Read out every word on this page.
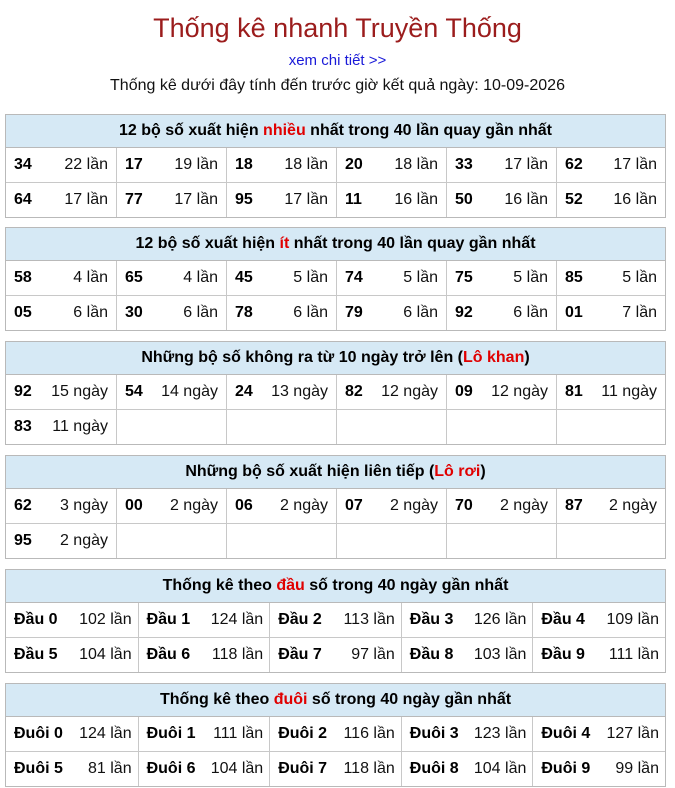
Thống kê nhanh Truyền Thống
xem chi tiết >>
Thống kê dưới đây tính đến trước giờ kết quả ngày: 10-09-2026
12 bộ số xuất hiện nhiều nhất trong 40 lần quay gần nhất
34 22 lần 17 19 lần 18 18 lần 20 18 lần 33 17 lần 62 17 lần
64 17 lần 77 17 lần 95 17 lần 11 16 lần 50 16 lần 52 16 lần
12 bộ số xuất hiện ít nhất trong 40 lần quay gần nhất
58	4 lần 65	4 lần 45	5 lần 74	5 lần 75	5 lần 85 5 lần
05	6 lần 30	6 lần 78	6 lần 79	6 lần 92	6 lần 01 7 lần
Những bộ số không ra từ 10 ngày trở lên (Lô khan)
92 15 ngày 54 14 ngày 24 13 ngày 82 12 ngày 09 12 ngày 81 11 ngày
83 11 ngày
Những bộ số xuất hiện liên tiếp (Lô rơi)
62 3 ngày 00 2 ngày 06 2 ngày 07 2 ngày 70 2 ngày 87 2 ngày
95 2 ngày
Thống kê theo đầu số trong 40 ngày gần nhất
Đầu 0 102 lần Đầu 1 124 lần Đầu 2 113 lần Đầu 3 126 lần Đầu 4 109 lần
Đầu 5 104 lần Đầu 6 118 lần Đầu 7 97 lần Đầu 8 103 lần Đầu 9 111 lần
Thống kê theo đuôi số trong 40 ngày gần nhất
Đuôi 0 124 lần Đuôi 1 111 lần Đuôi 2 116 lần Đuôi 3 123 lần Đuôi 4 127 lần
Đuôi 5 81 lần Đuôi 6 104 lần Đuôi 7 118 lần Đuôi 8 104 lần Đuôi 9 99 lần
